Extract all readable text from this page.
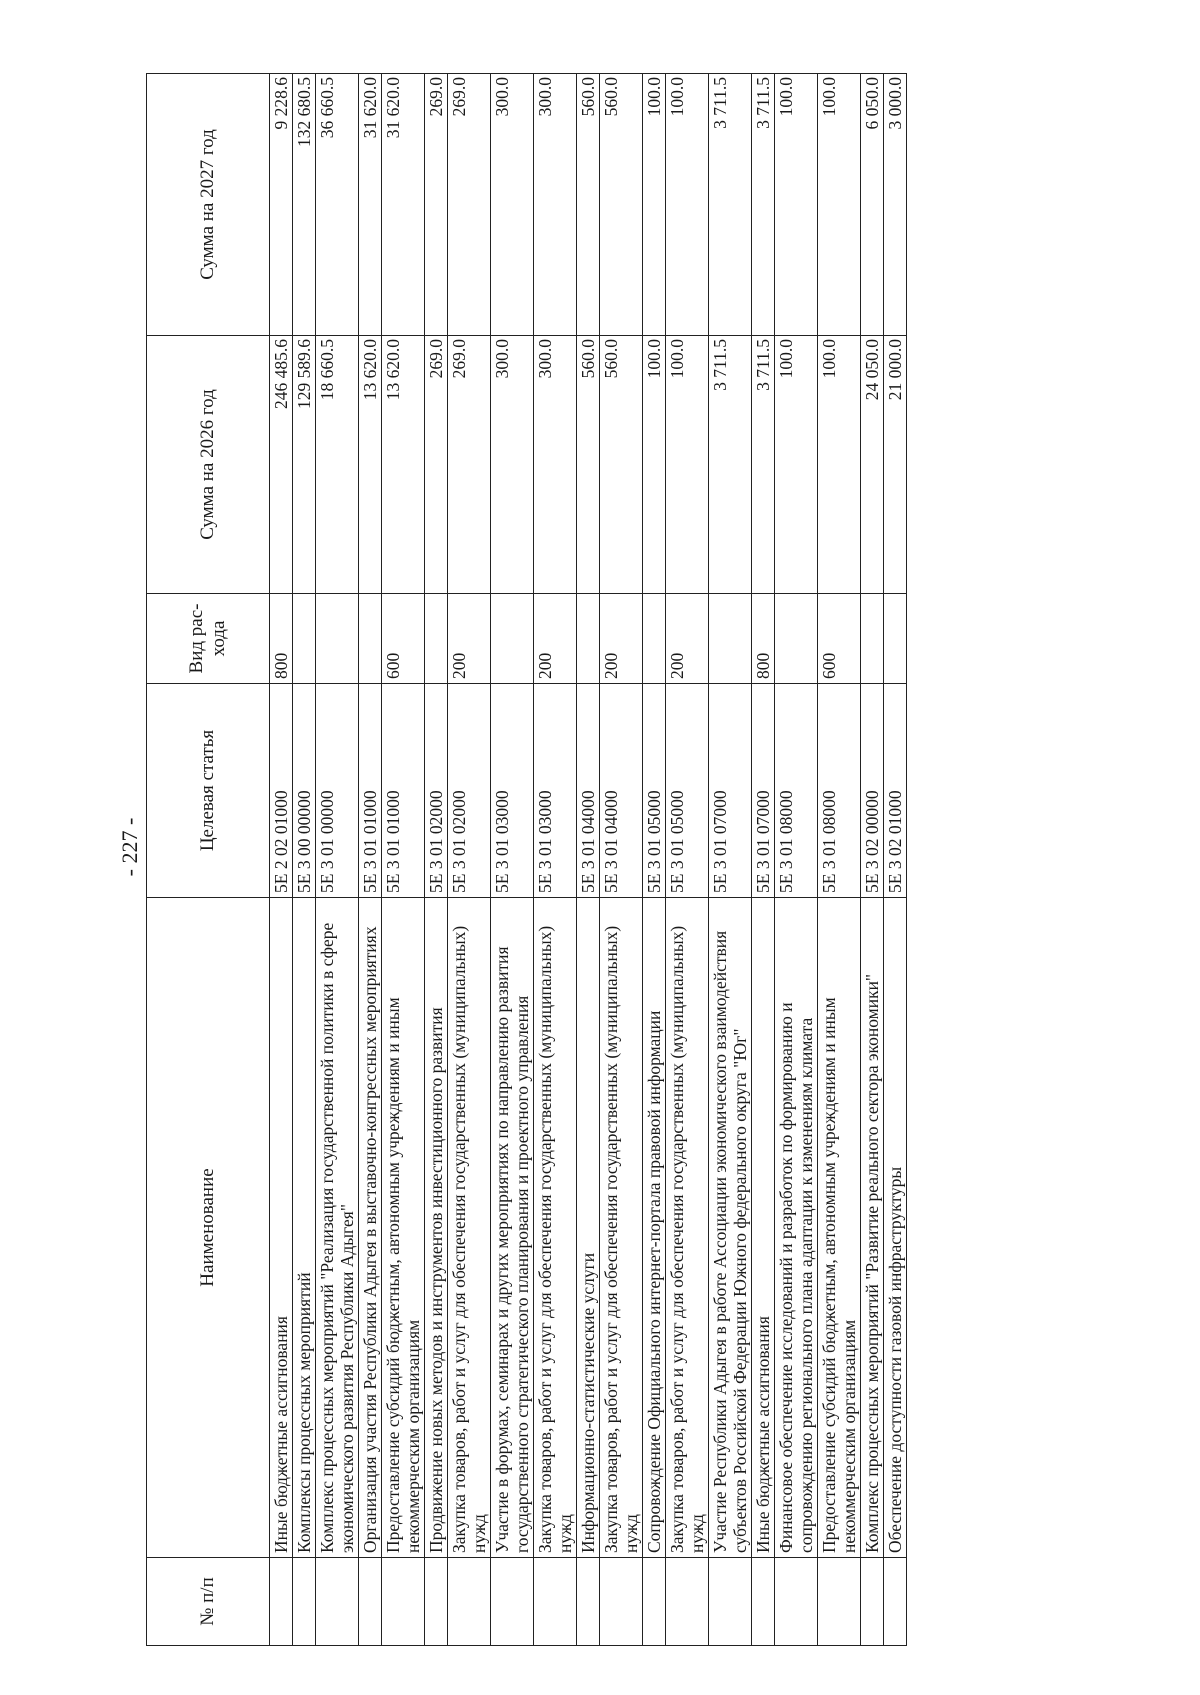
- 227 -
№ п/п	Наименование	Целевая статья	Вид рас-хода	Сумма на 2026 год	Сумма на 2027 год
	Иные бюджетные ассигнования	5E 2 02 01000	800	246 485.6	9 228.6
	Комплексы процессных мероприятий	5E 3 00 00000		129 589.6	132 680.5
	Комплекс процессных мероприятий "Реализация государственной политики в сфере экономического развития Республики Адыгея"	5E 3 01 00000		18 660.5	36 660.5
	Организация участия Республики Адыгея в выставочно-конгрессных мероприятиях	5E 3 01 01000		13 620.0	31 620.0
	Предоставление субсидий бюджетным, автономным учреждениям и иным некоммерческим организациям	5E 3 01 01000	600	13 620.0	31 620.0
	Продвижение новых методов и инструментов инвестиционного развития	5E 3 01 02000		269.0	269.0
	Закупка товаров, работ и услуг для обеспечения государственных (муниципальных) нужд	5E 3 01 02000	200	269.0	269.0
	Участие в форумах, семинарах и других мероприятиях по направлению развития государственного стратегического планирования и проектного управления	5E 3 01 03000		300.0	300.0
	Закупка товаров, работ и услуг для обеспечения государственных (муниципальных) нужд	5E 3 01 03000	200	300.0	300.0
	Информационно-статистические услуги	5E 3 01 04000		560.0	560.0
	Закупка товаров, работ и услуг для обеспечения государственных (муниципальных) нужд	5E 3 01 04000	200	560.0	560.0
	Сопровождение Официального интернет-портала правовой информации	5E 3 01 05000		100.0	100.0
	Закупка товаров, работ и услуг для обеспечения государственных (муниципальных) нужд	5E 3 01 05000	200	100.0	100.0
	Участие Республики Адыгея в работе Ассоциации экономического взаимодействия субъектов Российской Федерации Южного федерального округа "Юг"	5E 3 01 07000		3 711.5	3 711.5
	Иные бюджетные ассигнования	5E 3 01 07000	800	3 711.5	3 711.5
	Финансовое обеспечение исследований и разработок по формированию и сопровождению регионального плана адаптации к изменениям климата	5E 3 01 08000		100.0	100.0
	Предоставление субсидий бюджетным, автономным учреждениям и иным некоммерческим организациям	5E 3 01 08000	600	100.0	100.0
	Комплекс процессных мероприятий "Развитие реального сектора экономики"	5E 3 02 00000		24 050.0	6 050.0
	Обеспечение доступности газовой инфраструктуры	5E 3 02 01000		21 000.0	3 000.0
